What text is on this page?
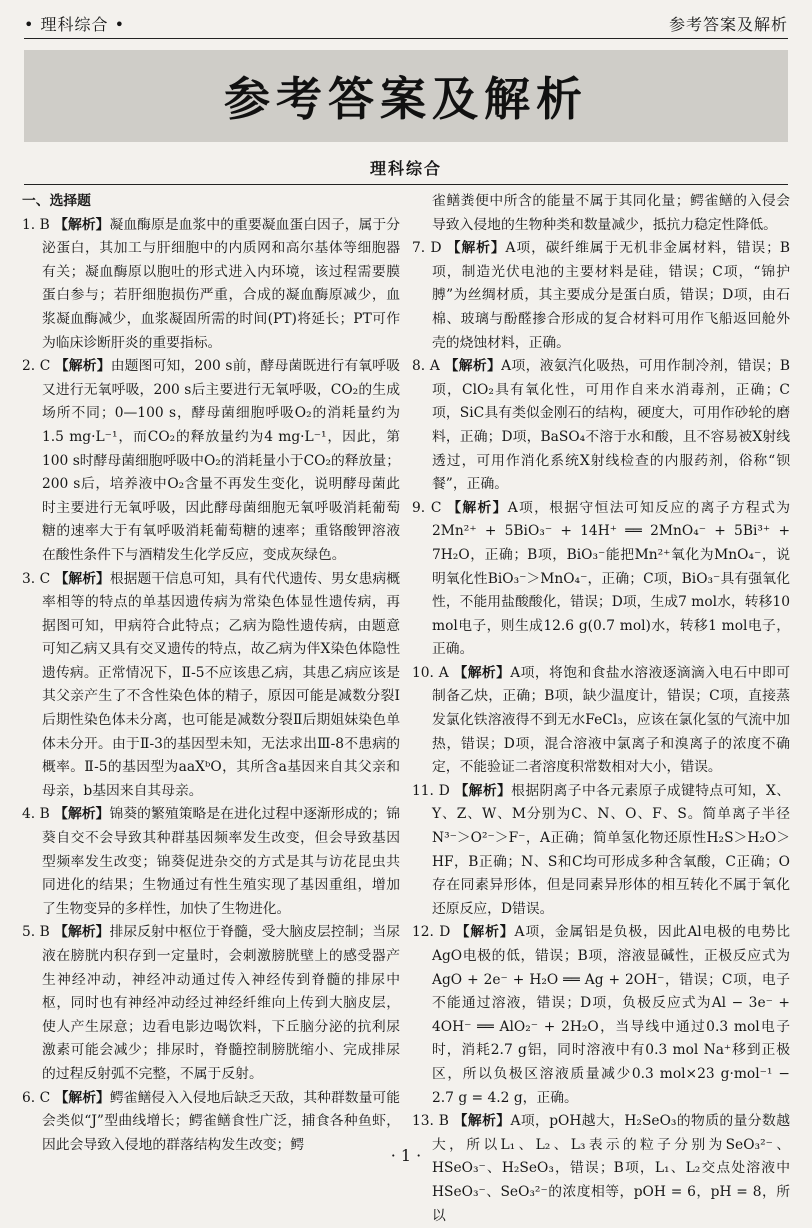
• 理科综合 •	参考答案及解析
参考答案及解析
理科综合
一、选择题

1. B 【解析】凝血酶原是血浆中的重要凝血蛋白因子，属于分泌蛋白，其加工与肝细胞中的内质网和高尔基体等细胞器有关；凝血酶原以胞吐的形式进入内环境，该过程需要膜蛋白参与；若肝细胞损伤严重，合成的凝血酶原减少，血浆凝血酶减少，血浆凝固所需的时间(PT)将延长；PT可作为临床诊断肝炎的重要指标。

2. C 【解析】由题图可知，200 s前，酵母菌既进行有氧呼吸又进行无氧呼吸，200 s后主要进行无氧呼吸，CO₂的生成场所不同；0—100 s，酵母菌细胞呼吸O₂的消耗量约为1.5 mg·L⁻¹，而CO₂的释放量约为4 mg·L⁻¹，因此，第100 s时酵母菌细胞呼吸中O₂的消耗量小于CO₂的释放量；200 s后，培养液中O₂含量不再发生变化，说明酵母菌此时主要进行无氧呼吸，因此酵母菌细胞无氧呼吸消耗葡萄糖的速率大于有氧呼吸消耗葡萄糖的速率；重铬酸钾溶液在酸性条件下与酒精发生化学反应，变成灰绿色。

3. C 【解析】根据题干信息可知，具有代代遗传、男女患病概率相等的特点的单基因遗传病为常染色体显性遗传病，再据图可知，甲病符合此特点；乙病为隐性遗传病，由题意可知乙病又具有交叉遗传的特点，故乙病为伴X染色体隐性遗传病。正常情况下，Ⅱ-5不应该患乙病，其患乙病应该是其父亲产生了不含性染色体的精子，原因可能是减数分裂Ⅰ后期性染色体未分离，也可能是减数分裂Ⅱ后期姐妹染色单体未分开。由于Ⅱ-3的基因型未知，无法求出Ⅲ-8不患病的概率。Ⅱ-5的基因型为aaXᵇO，其所含a基因来自其父亲和母亲，b基因来自其母亲。

4. B 【解析】锦葵的繁殖策略是在进化过程中逐渐形成的；锦葵自交不会导致其种群基因频率发生改变，但会导致基因型频率发生改变；锦葵促进杂交的方式是其与访花昆虫共同进化的结果；生物通过有性生殖实现了基因重组，增加了生物变异的多样性，加快了生物进化。

5. B 【解析】排尿反射中枢位于脊髓，受大脑皮层控制；当尿液在膀胱内积存到一定量时，会刺激膀胱壁上的感受器产生神经冲动，神经冲动通过传入神经传到脊髓的排尿中枢，同时也有神经冲动经过神经纤维向上传到大脑皮层，使人产生尿意；边看电影边喝饮料，下丘脑分泌的抗利尿激素可能会减少；排尿时，脊髓控制膀胱缩小、完成排尿的过程反射弧不完整，不属于反射。

6. C 【解析】鳄雀鳝侵入入侵地后缺乏天敌，其种群数量可能会类似“J”型曲线增长；鳄雀鳝食性广泛，捕食各种鱼虾，因此会导致入侵地的群落结构发生改变；鳄

雀鳝粪便中所含的能量不属于其同化量；鳄雀鳝的入侵会导致入侵地的生物种类和数量减少，抵抗力稳定性降低。

7. D 【解析】A项，碳纤维属于无机非金属材料，错误；B项，制造光伏电池的主要材料是硅，错误；C项，“锦护膊”为丝绸材质，其主要成分是蛋白质，错误；D项，由石棉、玻璃与酚醛掺合形成的复合材料可用作飞船返回舱外壳的烧蚀材料，正确。

8. A 【解析】A项，液氨汽化吸热，可用作制冷剂，错误；B项，ClO₂具有氧化性，可用作自来水消毒剂，正确；C项，SiC具有类似金刚石的结构，硬度大，可用作砂轮的磨料，正确；D项，BaSO₄不溶于水和酸，且不容易被X射线透过，可用作消化系统X射线检查的内服药剂，俗称“钡餐”，正确。

9. C 【解析】A项，根据守恒法可知反应的离子方程式为2Mn²⁺ + 5BiO₃⁻ + 14H⁺ ══ 2MnO₄⁻ + 5Bi³⁺ + 7H₂O，正确；B项，BiO₃⁻能把Mn²⁺氧化为MnO₄⁻，说明氧化性BiO₃⁻＞MnO₄⁻，正确；C项，BiO₃⁻具有强氧化性，不能用盐酸酸化，错误；D项，生成7 mol水，转移10 mol电子，则生成12.6 g(0.7 mol)水，转移1 mol电子，正确。

10. A 【解析】A项，将饱和食盐水溶液逐滴滴入电石中即可制备乙炔，正确；B项，缺少温度计，错误；C项，直接蒸发氯化铁溶液得不到无水FeCl₃，应该在氯化氢的气流中加热，错误；D项，混合溶液中氯离子和溴离子的浓度不确定，不能验证二者溶度积常数相对大小，错误。

11. D 【解析】根据阴离子中各元素原子成键特点可知，X、Y、Z、W、M分别为C、N、O、F、S。简单离子半径N³⁻＞O²⁻＞F⁻，A正确；简单氢化物还原性H₂S＞H₂O＞HF，B正确；N、S和C均可形成多种含氧酸，C正确；O存在同素异形体，但是同素异形体的相互转化不属于氧化还原反应，D错误。

12. D 【解析】A项，金属铝是负极，因此Al电极的电势比AgO电极的低，错误；B项，溶液显碱性，正极反应式为AgO + 2e⁻ + H₂O ══ Ag + 2OH⁻，错误；C项，电子不能通过溶液，错误；D项，负极反应式为Al − 3e⁻ + 4OH⁻ ══ AlO₂⁻ + 2H₂O，当导线中通过0.3 mol电子时，消耗2.7 g铝，同时溶液中有0.3 mol Na⁺移到正极区，所以负极区溶液质量减少0.3 mol×23 g·mol⁻¹ − 2.7 g = 4.2 g，正确。

13. B 【解析】A项，pOH越大，H₂SeO₃的物质的量分数越大，所以L₁、L₂、L₃表示的粒子分别为SeO₃²⁻、HSeO₃⁻、H₂SeO₃，错误；B项，L₁、L₂交点处溶液中HSeO₃⁻、SeO₃²⁻的浓度相等，pOH = 6，pH = 8，所以

· 1 ·
